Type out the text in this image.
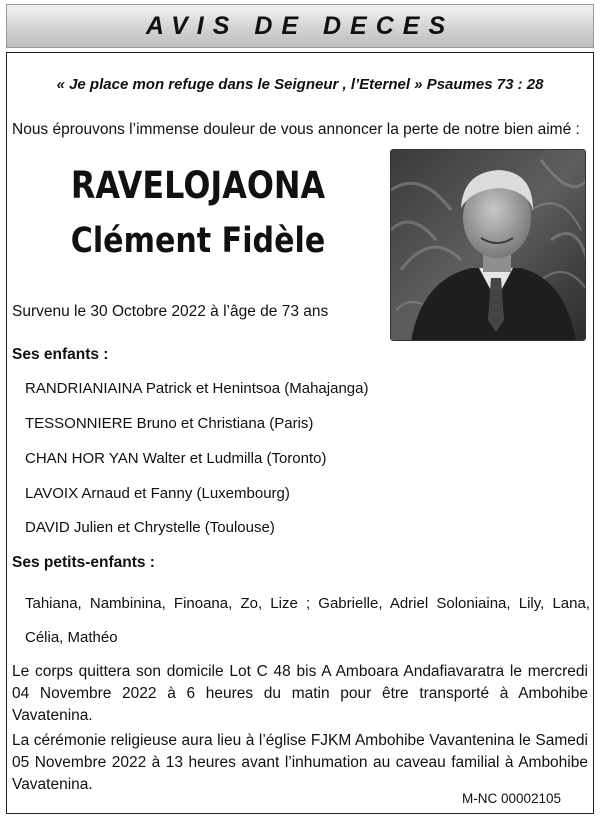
AVIS DE DECES
« Je place mon refuge dans le Seigneur , l’Eternel » Psaumes 73 : 28
Nous éprouvons l’immense douleur de vous annoncer la perte de notre bien aimé :
RAVELOJAONA
Clément Fidèle
Survenu le 30 Octobre 2022 à l’âge de 73 ans
Ses enfants :
RANDRIANIAINA Patrick et Henintsoa (Mahajanga)
TESSONNIERE Bruno et Christiana (Paris)
CHAN HOR YAN Walter et Ludmilla (Toronto)
LAVOIX Arnaud et Fanny (Luxembourg)
DAVID Julien et Chrystelle (Toulouse)
Ses petits-enfants :
Tahiana, Nambinina, Finoana, Zo, Lize ; Gabrielle, Adriel Soloniaina, Lily, Lana, Célia, Mathéo
Le corps quittera son domicile Lot C 48 bis A Amboara Andafiavaratra le mercredi 04 Novembre 2022 à 6 heures du matin pour être transporté à Ambohibe Vavatenina.
La cérémonie religieuse aura lieu à l’église FJKM Ambohibe Vavantenina le Samedi 05 Novembre 2022 à 13 heures avant l’inhumation au caveau familial à Ambohibe Vavatenina.
M-NC 00002105
